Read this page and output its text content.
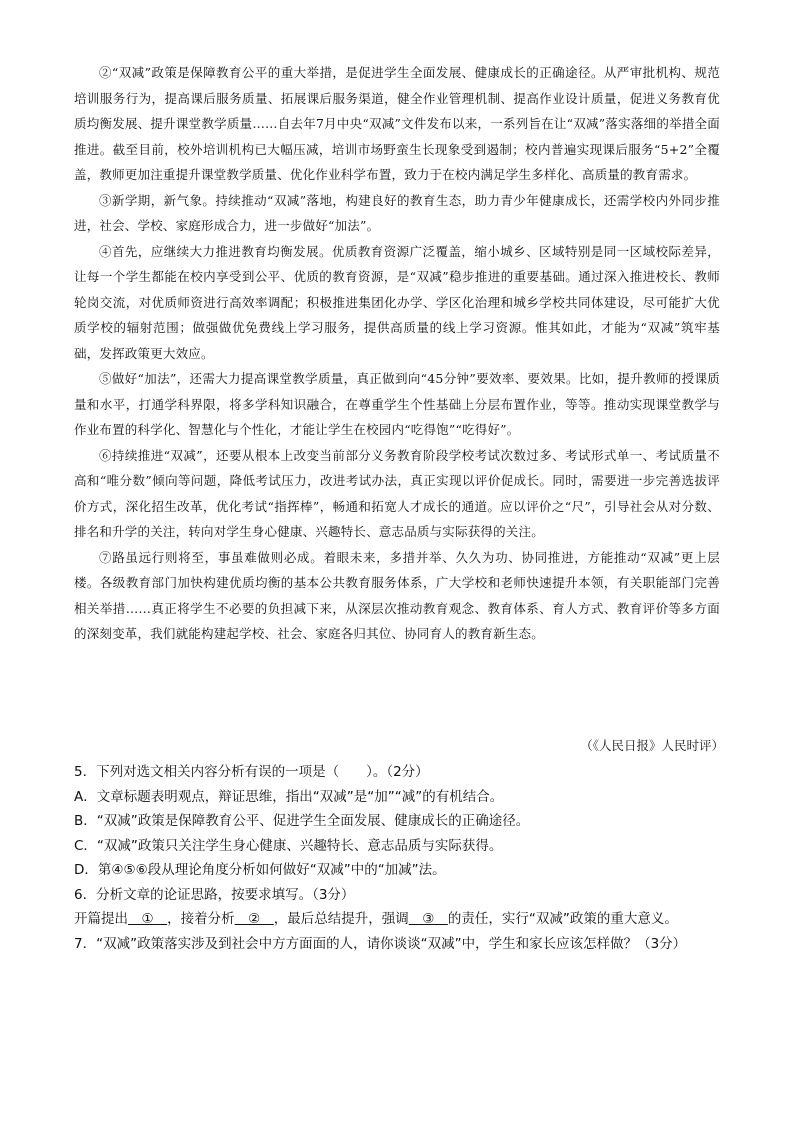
②“双减”政策是保障教育公平的重大举措，是促进学生全面发展、健康成长的正确途径。从严审批机构、规范培训服务行为，提高课后服务质量、拓展课后服务渠道，健全作业管理机制、提高作业设计质量，促进义务教育优质均衡发展、提升课堂教学质量……自去年7月中央“双减”文件发布以来，一系列旨在让“双减”落实落细的举措全面推进。截至目前，校外培训机构已大幅压减，培训市场野蛮生长现象受到遏制；校内普遍实现课后服务“5+2”全覆盖，教师更加注重提升课堂教学质量、优化作业科学布置，致力于在校内满足学生多样化、高质量的教育需求。

③新学期，新气象。持续推动“双减”落地，构建良好的教育生态，助力青少年健康成长，还需学校内外同步推进，社会、学校、家庭形成合力，进一步做好“加法”。

④首先，应继续大力推进教育均衡发展。优质教育资源广泛覆盖，缩小城乡、区域特别是同一区域校际差异，让每一个学生都能在校内享受到公平、优质的教育资源，是“双减”稳步推进的重要基础。通过深入推进校长、教师轮岗交流，对优质师资进行高效率调配；积极推进集团化办学、学区化治理和城乡学校共同体建设，尽可能扩大优质学校的辐射范围；做强做优免费线上学习服务，提供高质量的线上学习资源。惟其如此，才能为“双减”筑牢基础，发挥政策更大效应。

⑤做好“加法”，还需大力提高课堂教学质量，真正做到向“45分钟”要效率、要效果。比如，提升教师的授课质量和水平，打通学科界限，将多学科知识融合，在尊重学生个性基础上分层布置作业，等等。推动实现课堂教学与作业布置的科学化、智慧化与个性化，才能让学生在校园内“吃得饱”“吃得好”。

⑥持续推进“双减”，还要从根本上改变当前部分义务教育阶段学校考试次数过多、考试形式单一、考试质量不高和“唯分数”倾向等问题，降低考试压力，改进考试办法，真正实现以评价促成长。同时，需要进一步完善选拔评价方式，深化招生改革，优化考试“指挥棒”，畅通和拓宽人才成长的通道。应以评价之“尺”，引导社会从对分数、排名和升学的关注，转向对学生身心健康、兴趣特长、意志品质与实际获得的关注。

⑦路虽远行则将至，事虽难做则必成。着眼未来，多措并举、久久为功、协同推进，方能推动“双减”更上层楼。各级教育部门加快构建优质均衡的基本公共教育服务体系，广大学校和老师快速提升本领，有关职能部门完善相关举措……真正将学生不必要的负担减下来，从深层次推动教育观念、教育体系、育人方式、教育评价等多方面的深刻变革，我们就能构建起学校、社会、家庭各归其位、协同育人的教育新生态。

（《人民日报》人民时评）
5．下列对选文相关内容分析有误的一项是（　　）。（2分）
A．文章标题表明观点，辩证思维，指出“双减”是“加”“减”的有机结合。
B．“双减”政策是保障教育公平、促进学生全面发展、健康成长的正确途径。
C．“双减”政策只关注学生身心健康、兴趣特长、意志品质与实际获得。
D．第④⑤⑥段从理论角度分析如何做好“双减”中的“加减”法。
6．分析文章的论证思路，按要求填写。（3分）
开篇提出　①　，接着分析　②　，最后总结提升，强调　③　的责任，实行“双减”政策的重大意义。
7．“双减”政策落实涉及到社会中方方面面的人，请你谈谈“双减”中，学生和家长应该怎样做？（3分）
